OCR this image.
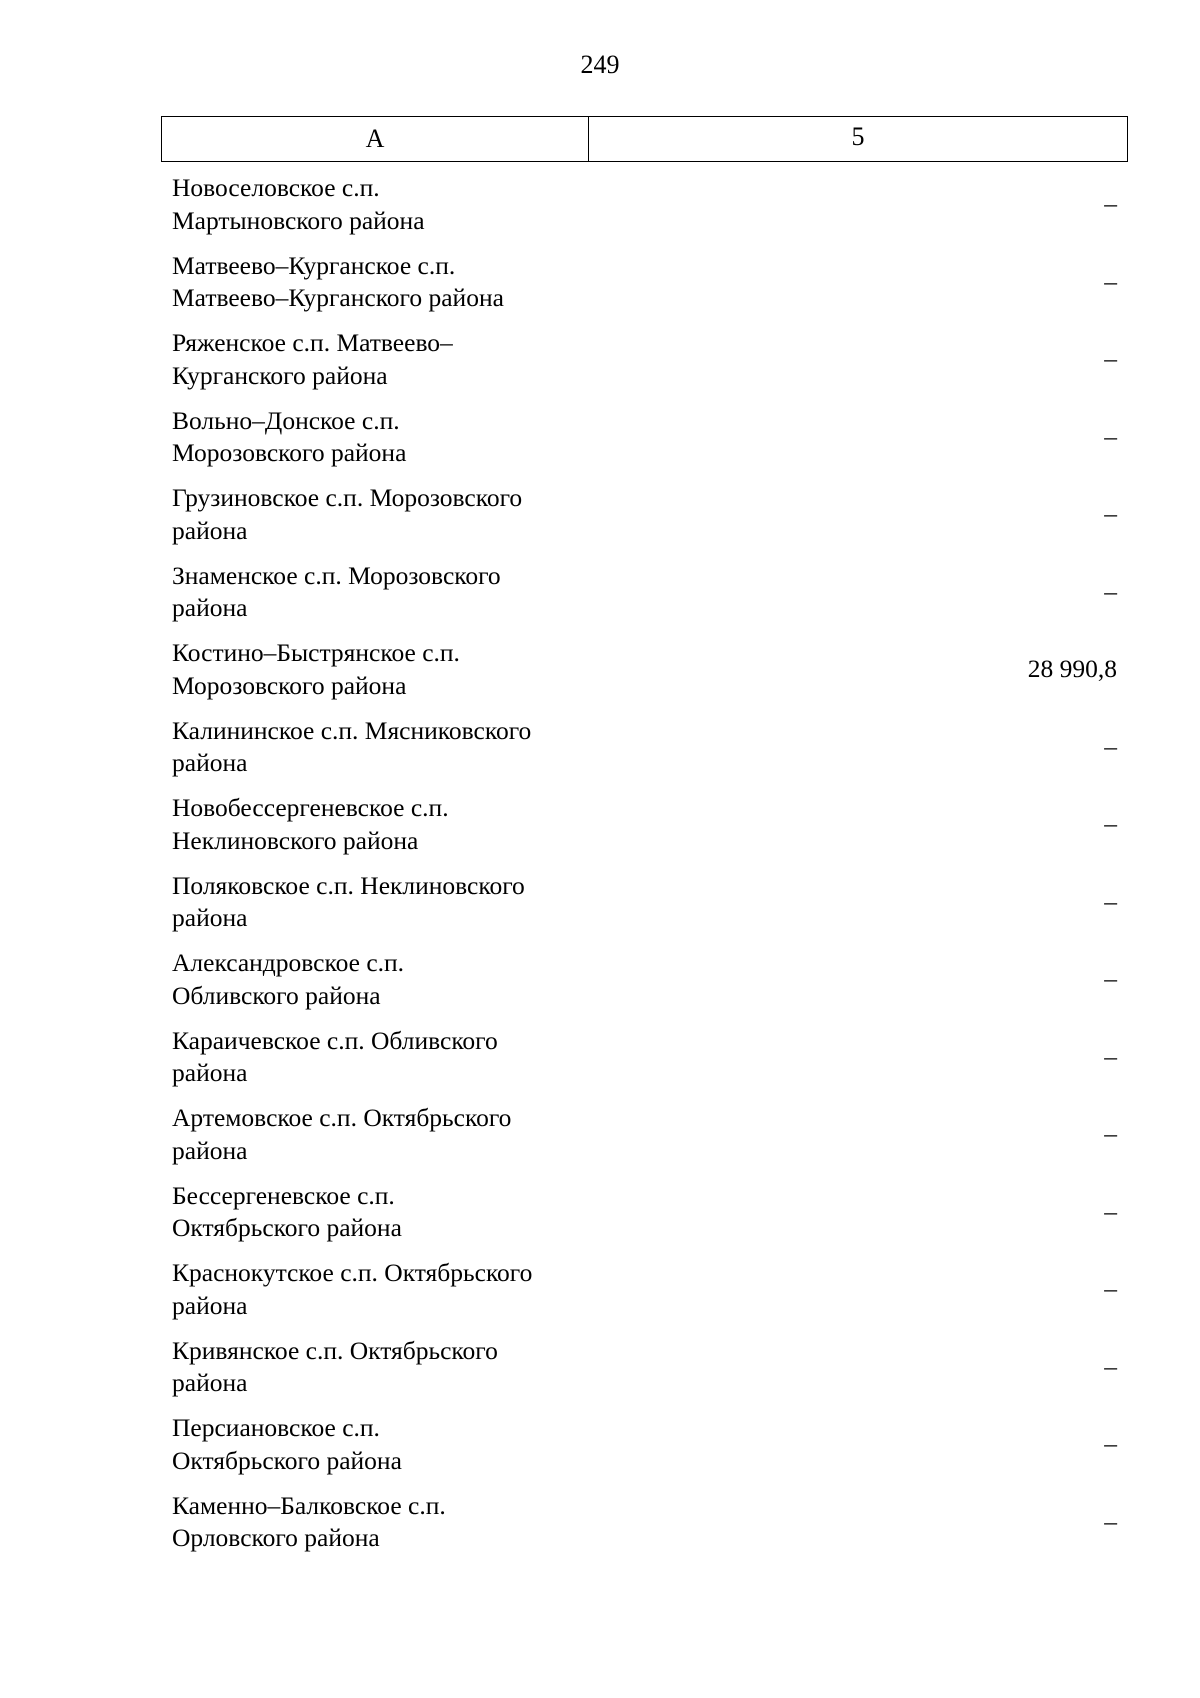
249
А	5
Новоселовское с.п.
Мартыновского района
–
Матвеево–Курганское с.п.
Матвеево–Курганского района
–
Ряженское с.п. Матвеево–
Курганского района
–
Вольно–Донское с.п.
Морозовского района
–
Грузиновское с.п. Морозовского
района
–
Знаменское с.п. Морозовского
района
–
Костино–Быстрянское с.п.
Морозовского района
28 990,8
Калининское с.п. Мясниковского
района
–
Новобессергеневское с.п.
Неклиновского района
–
Поляковское с.п. Неклиновского
района
–
Александровское с.п.
Обливского района
–
Караичевское с.п. Обливского
района
–
Артемовское с.п. Октябрьского
района
–
Бессергеневское с.п.
Октябрьского района
–
Краснокутское с.п. Октябрьского
района
–
Кривянское с.п. Октябрьского
района
–
Персиановское с.п.
Октябрьского района
–
Каменно–Балковское с.п.
Орловского района
–
